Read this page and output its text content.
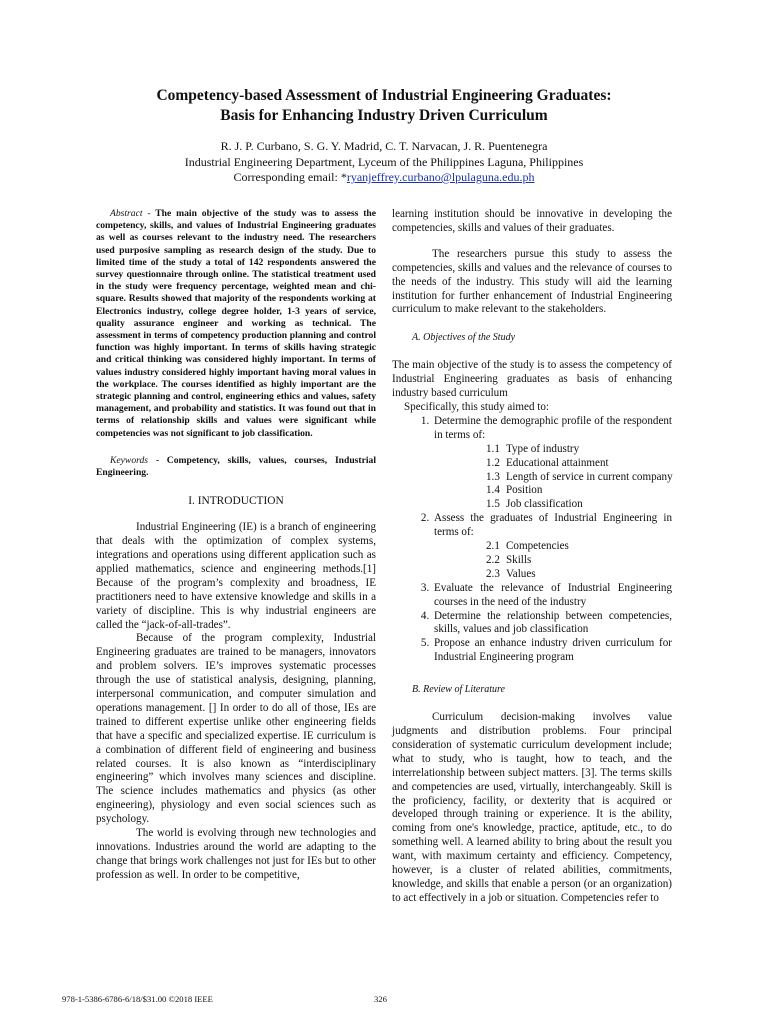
Competency-based Assessment of Industrial Engineering Graduates:
Basis for Enhancing Industry Driven Curriculum
R. J. P. Curbano, S. G. Y. Madrid, C. T. Narvacan, J. R. Puentenegra
Industrial Engineering Department, Lyceum of the Philippines Laguna, Philippines
Corresponding email: *ryanjeffrey.curbano@lpulaguna.edu.ph

Abstract - The main objective of the study was to assess the competency, skills, and values of Industrial Engineering graduates as well as courses relevant to the industry need. The researchers used purposive sampling as research design of the study. Due to limited time of the study a total of 142 respondents answered the survey questionnaire through online. The statistical treatment used in the study were frequency percentage, weighted mean and chi-square. Results showed that majority of the respondents working at Electronics industry, college degree holder, 1-3 years of service, quality assurance engineer and working as technical. The assessment in terms of competency production planning and control function was highly important. In terms of skills having strategic and critical thinking was considered highly important. In terms of values industry considered highly important having moral values in the workplace. The courses identified as highly important are the strategic planning and control, engineering ethics and values, safety management, and probability and statistics. It was found out that in terms of relationship skills and values were significant while competencies was not significant to job classification.

Keywords - Competency, skills, values, courses, Industrial Engineering.

I. INTRODUCTION

Industrial Engineering (IE) is a branch of engineering that deals with the optimization of complex systems, integrations and operations using different application such as applied mathematics, science and engineering methods.[1] Because of the program’s complexity and broadness, IE practitioners need to have extensive knowledge and skills in a variety of discipline. This is why industrial engineers are called the “jack-of-all-trades”.

Because of the program complexity, Industrial Engineering graduates are trained to be managers, innovators and problem solvers. IE’s improves systematic processes through the use of statistical analysis, designing, planning, interpersonal communication, and computer simulation and operations management. [] In order to do all of those, IEs are trained to different expertise unlike other engineering fields that have a specific and specialized expertise. IE curriculum is a combination of different field of engineering and business related courses. It is also known as “interdisciplinary engineering” which involves many sciences and discipline. The science includes mathematics and physics (as other engineering), physiology and even social sciences such as psychology.

The world is evolving through new technologies and innovations. Industries around the world are adapting to the change that brings work challenges not just for IEs but to other profession as well. In order to be competitive,

learning institution should be innovative in developing the competencies, skills and values of their graduates.

The researchers pursue this study to assess the competencies, skills and values and the relevance of courses to the needs of the industry. This study will aid the learning institution for further enhancement of Industrial Engineering curriculum to make relevant to the stakeholders.

A. Objectives of the Study

The main objective of the study is to assess the competency of Industrial Engineering graduates as basis of enhancing industry based curriculum

Specifically, this study aimed to:

1. Determine the demographic profile of the respondent in terms of:
1.1 Type of industry
1.2 Educational attainment
1.3 Length of service in current company
1.4 Position
1.5 Job classification
2. Assess the graduates of Industrial Engineering in terms of:
2.1 Competencies
2.2 Skills
2.3 Values
3. Evaluate the relevance of Industrial Engineering courses in the need of the industry
4. Determine the relationship between competencies, skills, values and job classification
5. Propose an enhance industry driven curriculum for Industrial Engineering program
B. Review of Literature

Curriculum decision-making involves value judgments and distribution problems. Four principal consideration of systematic curriculum development include; what to study, who is taught, how to teach, and the interrelationship between subject matters. [3]. The terms skills and competencies are used, virtually, interchangeably. Skill is the proficiency, facility, or dexterity that is acquired or developed through training or experience. It is the ability, coming from one's knowledge, practice, aptitude, etc., to do something well. A learned ability to bring about the result you want, with maximum certainty and efficiency. Competency, however, is a cluster of related abilities, commitments, knowledge, and skills that enable a person (or an organization) to act effectively in a job or situation. Competencies refer to

978-1-5386-6786-6/18/$31.00 ©2018 IEEE	326
